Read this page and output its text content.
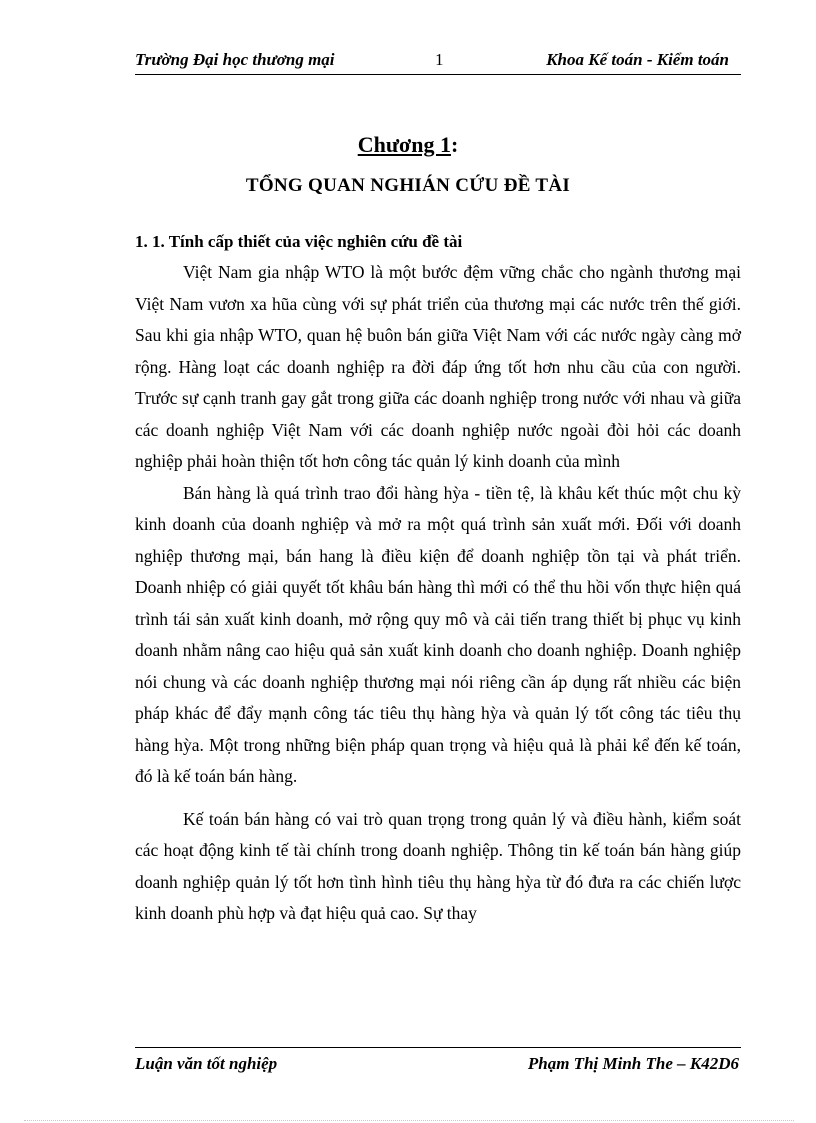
Trường Đại học thương mại	1	Khoa Kế toán - Kiểm toán
Chương 1:
TỔNG QUAN NGHIÁN CỨU ĐỀ TÀI
1. 1. Tính cấp thiết của việc nghiên cứu đề tài

Việt Nam gia nhập WTO là một bước đệm vững chắc cho ngành thương mại Việt Nam vươn xa hũa cùng với sự phát triển của thương mại các nước trên thế giới. Sau khi gia nhập WTO, quan hệ buôn bán giữa Việt Nam với các nước ngày càng mở rộng. Hàng loạt các doanh nghiệp ra đời đáp ứng tốt hơn nhu cầu của con người. Trước sự cạnh tranh gay gắt trong giữa các doanh nghiệp trong nước với nhau và giữa các doanh nghiệp Việt Nam với các doanh nghiệp nước ngoài đòi hỏi các doanh nghiệp phải hoàn thiện tốt hơn công tác quản lý kinh doanh của mình

Bán hàng là quá trình trao đổi hàng hỳa - tiền tệ, là khâu kết thúc một chu kỳ kinh doanh của doanh nghiệp và mở ra một quá trình sản xuất mới. Đối với doanh nghiệp thương mại, bán hang là điều kiện để doanh nghiệp tồn tại và phát triển. Doanh nhiệp có giải quyết tốt khâu bán hàng thì mới có thể thu hồi vốn thực hiện quá trình tái sản xuất kinh doanh, mở rộng quy mô và cải tiến trang thiết bị phục vụ kinh doanh nhằm nâng cao hiệu quả sản xuất kinh doanh cho doanh nghiệp. Doanh nghiệp nói chung và các doanh nghiệp thương mại nói riêng cần áp dụng rất nhiều các biện pháp khác để đẩy mạnh công tác tiêu thụ hàng hỳa và quản lý tốt công tác tiêu thụ hàng hỳa. Một trong những biện pháp quan trọng và hiệu quả là phải kể đến kế toán, đó là kế toán bán hàng.

Kế toán bán hàng có vai trò quan trọng trong quản lý và điều hành, kiểm soát các hoạt động kinh tế tài chính trong doanh nghiệp. Thông tin kế toán bán hàng giúp doanh nghiệp quản lý tốt hơn tình hình tiêu thụ hàng hỳa từ đó đưa ra các chiến lược kinh doanh phù hợp và đạt hiệu quả cao. Sự thay

Luận văn tốt nghiệp	Phạm Thị Minh The – K42D6
